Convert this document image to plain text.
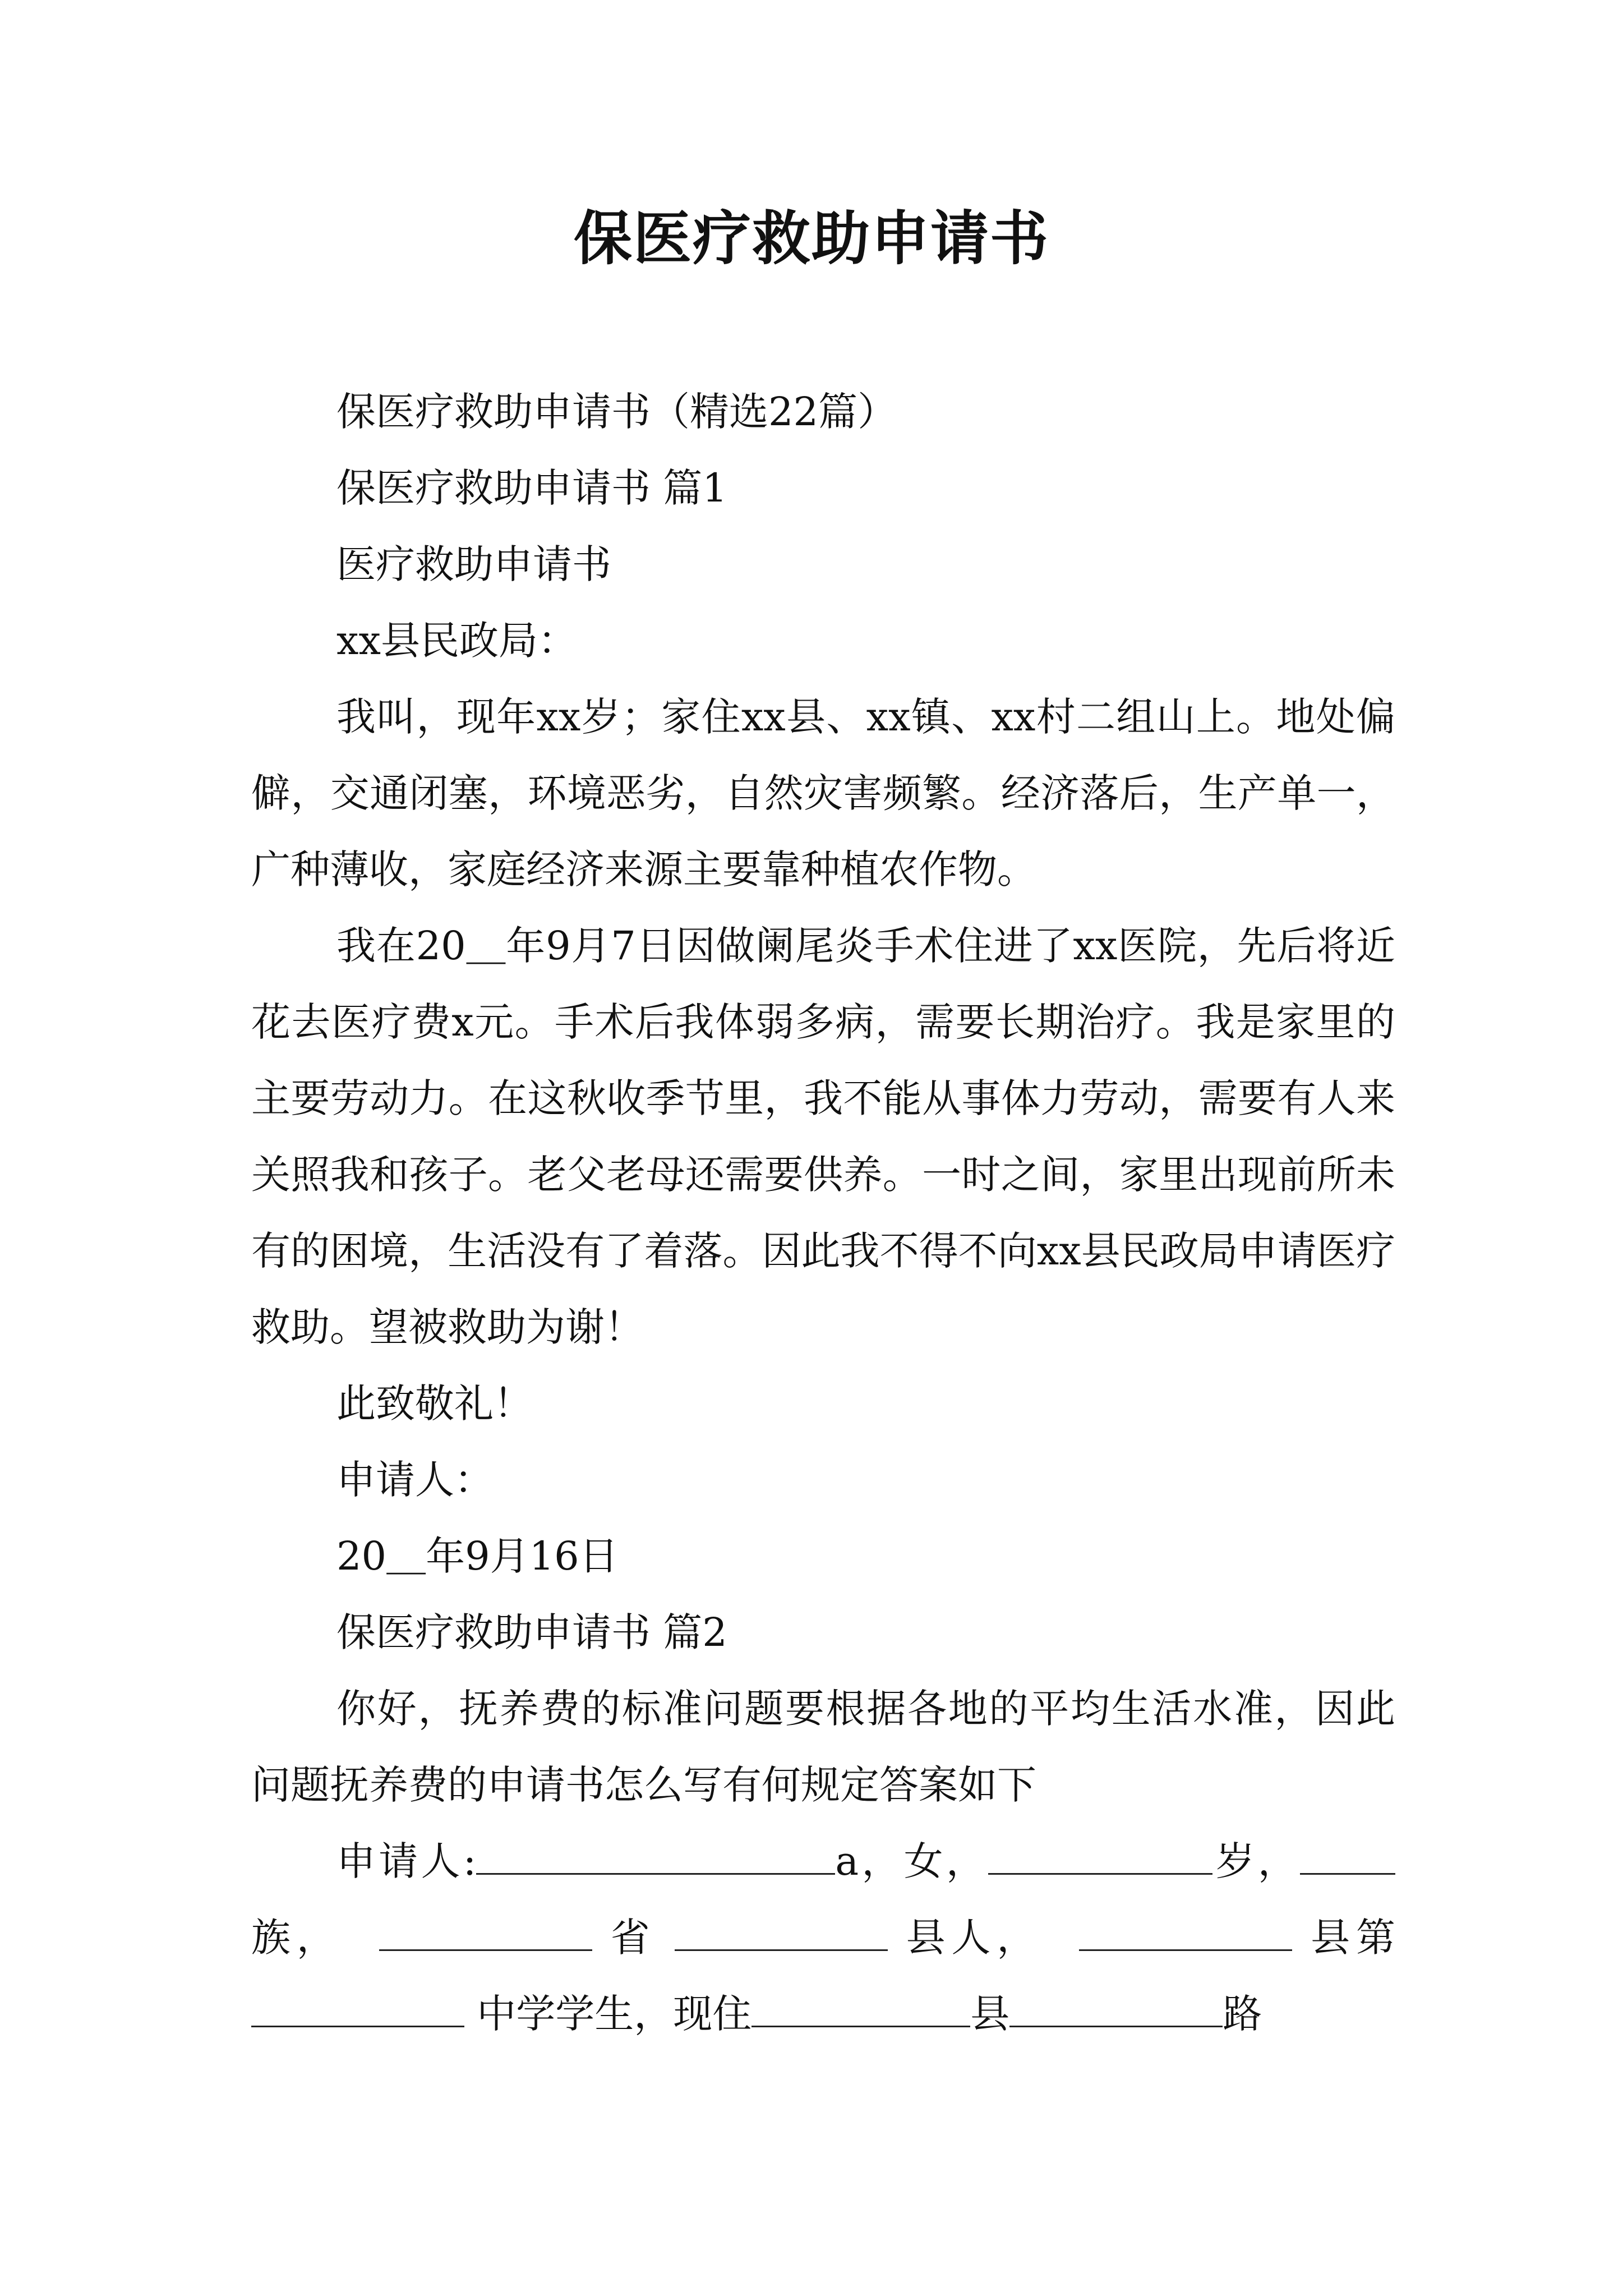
保医疗救助申请书

保医疗救助申请书（精选22篇）

保医疗救助申请书 篇1

医疗救助申请书

xx县民政局：

我叫，现年xx岁；家住xx县、xx镇、xx村二组山上。地处偏僻，交通闭塞，环境恶劣，自然灾害频繁。经济落后，生产单一，广种薄收，家庭经济来源主要靠种植农作物。

我在20＿年9月7日因做阑尾炎手术住进了xx医院，先后将近花去医疗费x元。手术后我体弱多病，需要长期治疗。我是家里的主要劳动力。在这秋收季节里，我不能从事体力劳动，需要有人来关照我和孩子。老父老母还需要供养。一时之间，家里出现前所未有的困境，生活没有了着落。因此我不得不向xx县民政局申请医疗救助。望被救助为谢！

此致敬礼！

申请人：

20＿年9月16日

保医疗救助申请书 篇2

你好，抚养费的标准问题要根据各地的平均生活水准，因此问题抚养费的申请书怎么写有何规定答案如下

申请人:	a，女，	岁，族，	省	县人，	县第 中学学生，现住	县	路
